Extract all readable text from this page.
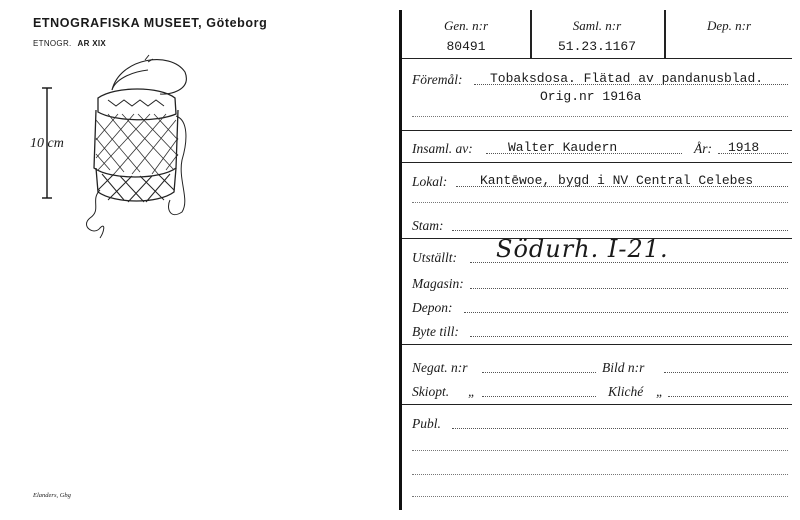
ETNOGRAFISKA MUSEET, Göteborg
ETNOGR. AR XIX
10 cm
Elanders, Gbg
Gen. n:r
80491
Saml. n:r
51.23.1167
Dep. n:r
Föremål: Tobaksdosa. Flätad av pandanusblad.
Orig.nr 1916a
Insaml. av:	Walter Kaudern	År: 1918
Lokal:	Kantēwoe, bygd i NV Central Celebes
Stam:
Utställt: Södurh. I-21.
Magasin:
Depon:
Byte till:
Negat. n:r	Bild n:r
Skiopt. „	Kliché „
Publ.
